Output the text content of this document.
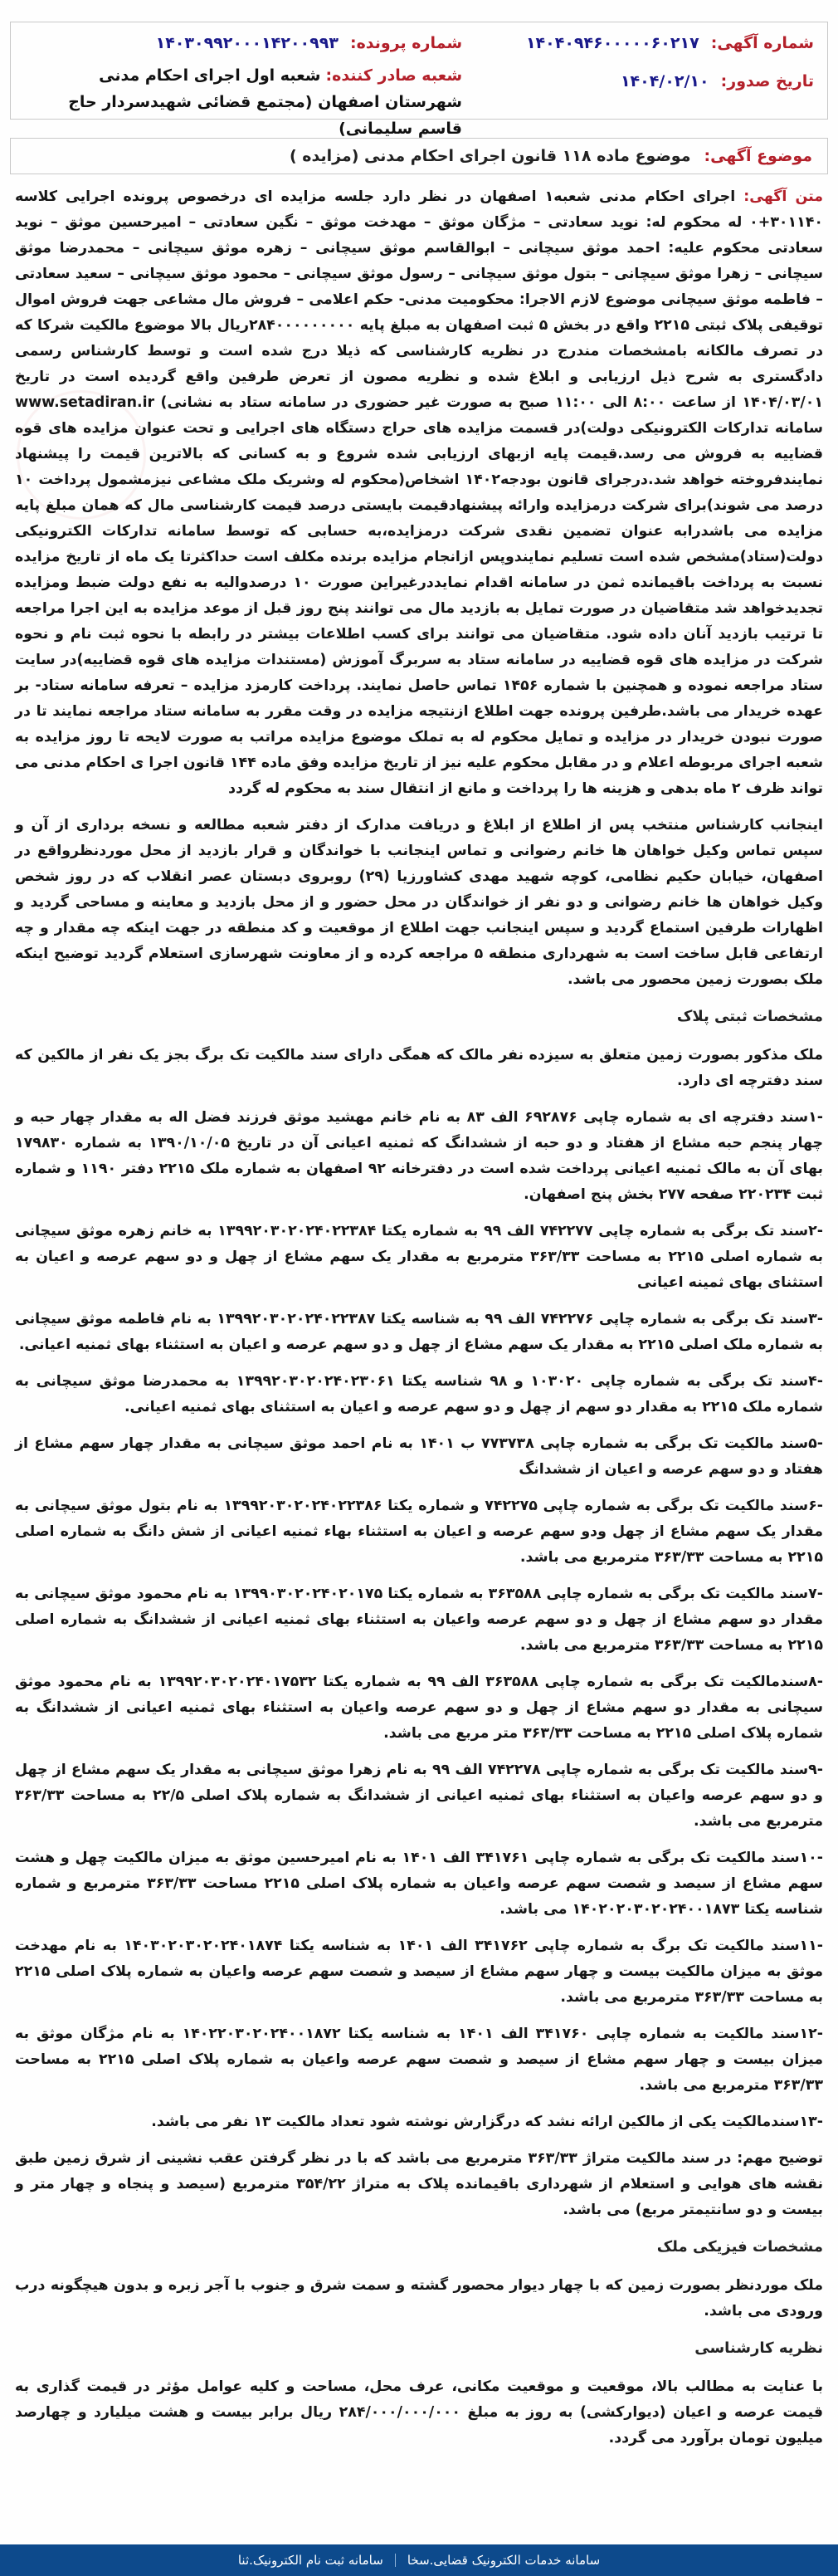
شماره آگهی: ۱۴۰۴۰۹۴۶۰۰۰۰۰۶۰۲۱۷
شماره پرونده: ۱۴۰۳۰۹۹۲۰۰۰۱۴۲۰۰۹۹۳
تاریخ صدور: ۱۴۰۴/۰۲/۱۰
شعبه صادر کننده: شعبه اول اجرای احکام مدنی شهرستان اصفهان (مجتمع قضائی شهیدسردار حاج قاسم سلیمانی)
موضوع آگهی: موضوع ماده ۱۱۸ قانون اجرای احکام مدنی (مزایده )

متن آگهی: اجرای احکام مدنی شعبه۱ اصفهان در نظر دارد جلسه مزایده ای درخصوص پرونده اجرایی کلاسه ۳۰۱۱۴۰+۰ له محکوم له: نوید سعادتی – مژگان موثق – مهدخت موثق – نگین سعادتی – امیرحسین موثق – نوید سعادتی محکوم علیه: احمد موثق سیچانی – ابوالقاسم موثق سیچانی – زهره موثق سیچانی – محمدرضا موثق سیچانی – زهرا موثق سیچانی – بتول موثق سیچانی – رسول موثق سیچانی – محمود موثق سیچانی – سعید سعادتی – فاطمه موثق سیچانی موضوع لازم الاجرا: محکومیت مدنی- حکم اعلامی – فروش مال مشاعی جهت فروش اموال توقیفی پلاک ثبتی ۲۲۱۵ واقع در بخش ۵ ثبت اصفهان به مبلغ پایه ۲۸۴۰۰۰۰۰۰۰۰۰ریال بالا موضوع مالکیت شرکا که در تصرف مالکانه بامشخصات مندرج در نظریه کارشناسی که ذیلا درج شده است و توسط کارشناس رسمی دادگستری به شرح ذیل ارزیابی و ابلاغ شده و نظریه مصون از تعرض طرفین واقع گردیده است در تاریخ ۱۴۰۴/۰۳/۰۱ از ساعت ۸:۰۰ الی ۱۱:۰۰ صبح به صورت غیر حضوری در سامانه ستاد به نشانی) www.setadiran.ir سامانه تدارکات الکترونیکی دولت)در قسمت مزایده های حراج دستگاه های اجرایی و تحت عنوان مزایده های قوه قضاییه به فروش می رسد.قیمت پایه ازبهای ارزیابی شده شروع و به کسانی که بالاترین قیمت را پیشنهاد نمایندفروخته خواهد شد.درجرای قانون بودجه۱۴۰۲ اشخاص(محکوم له وشریک ملک مشاعی نیزمشمول پرداخت ۱۰ درصد می شوند)برای شرکت درمزایده وارائه پیشنهادقیمت بایستی درصد قیمت کارشناسی مال که همان مبلغ پایه مزایده می باشدرابه عنوان تضمین نقدی شرکت درمزایده،به حسابی که توسط سامانه تدارکات الکترونیکی دولت(ستاد)مشخص شده است تسلیم نمایندوپس ازانجام مزایده برنده مکلف است حداکثرتا یک ماه از تاریخ مزایده نسبت به پرداخت باقیمانده ثمن در سامانه اقدام نمایددرغیراین صورت ۱۰ درصدوالیه به نفع دولت ضبط ومزایده تجدیدخواهد شد متقاضیان در صورت تمایل به بازدید مال می توانند پنج روز قبل از موعد مزایده به این اجرا مراجعه تا ترتیب بازدید آنان داده شود. متقاضیان می توانند برای کسب اطلاعات بیشتر در رابطه با نحوه ثبت نام و نحوه شرکت در مزایده های قوه قضاییه در سامانه ستاد به سربرگ آموزش (مستندات مزایده های قوه قضاییه)در سایت ستاد مراجعه نموده و همچنین با شماره ۱۴۵۶ تماس حاصل نمایند. پرداخت کارمزد مزایده – تعرفه سامانه ستاد- بر عهده خریدار می باشد.طرفین پرونده جهت اطلاع ازنتیجه مزایده در وقت مقرر به سامانه ستاد مراجعه نمایند تا در صورت نبودن خریدار در مزایده و تمایل محکوم له به تملک موضوع مزایده مراتب به صورت لایحه تا روز مزایده به شعبه اجرای مربوطه اعلام و در مقابل محکوم علیه نیز از تاریخ مزایده وفق ماده ۱۴۴ قانون اجرا ی احکام مدنی می تواند ظرف ۲ ماه بدهی و هزینه ها را پرداخت و مانع از انتقال سند به محکوم له گردد

اینجانب کارشناس منتخب پس از اطلاع از ابلاغ و دریافت مدارک از دفتر شعبه مطالعه و نسخه برداری از آن و سپس تماس وکیل خواهان ها خانم رضوانی و تماس اینجانب با خواندگان و قرار بازدید از محل موردنظرواقع در اصفهان، خیابان حکیم نظامی، کوچه شهید مهدی کشاورزیا (۲۹) روبروی دبستان عصر انقلاب که در روز شخص وکیل خواهان ها خانم رضوانی و دو نفر از خواندگان در محل حضور و از محل بازدید و معاینه و مساحی گردید و اظهارات طرفین استماع گردید و سپس اینجانب جهت اطلاع از موقعیت و کد منطقه در جهت اینکه چه مقدار و چه ارتفاعی قابل ساخت است به شهرداری منطقه ۵ مراجعه کرده و از معاونت شهرسازی استعلام گردید توضیح اینکه ملک بصورت زمین محصور می باشد.

مشخصات ثبتی پلاک

ملک مذکور بصورت زمین متعلق به سیزده نفر مالک که همگی دارای سند مالکیت تک برگ بجز یک نفر از مالکین که سند دفترچه ای دارد.

-۱سند دفترچه ای به شماره چاپی ۶۹۲۸۷۶ الف ۸۳ به نام خانم مهشید موثق فرزند فضل اله به مقدار چهار حبه و چهار پنجم حبه مشاع از هفتاد و دو حبه از ششدانگ که ثمنیه اعیانی آن در تاریخ ۱۳۹۰/۱۰/۰۵ به شماره ۱۷۹۸۳۰ بهای آن به مالک ثمنیه اعیانی پرداخت شده است در دفترخانه ۹۲ اصفهان به شماره ملک ۲۲۱۵ دفتر ۱۱۹۰ و شماره ثبت ۲۲۰۲۳۴ صفحه ۲۷۷ بخش پنج اصفهان.

-۲سند تک برگی به شماره چاپی ۷۴۲۲۷۷ الف ۹۹ به شماره یکتا ۱۳۹۹۲۰۳۰۲۰۲۴۰۲۲۳۸۴ به خانم زهره موثق سیچانی به شماره اصلی ۲۲۱۵ به مساحت ۳۶۳/۳۳ مترمربع به مقدار یک سهم مشاع از چهل و دو سهم عرصه و اعیان به استثنای بهای ثمینه اعیانی

-۳سند تک برگی به شماره چاپی ۷۴۲۲۷۶ الف ۹۹ به شناسه یکتا ۱۳۹۹۲۰۳۰۲۰۲۴۰۲۲۳۸۷ به نام فاطمه موثق سیچانی به شماره ملک اصلی ۲۲۱۵ به مقدار یک سهم مشاع از چهل و دو سهم عرصه و اعیان به استثناء بهای ثمنیه اعیانی.

-۴سند تک برگی به شماره چاپی ۱۰۳۰۲۰ و ۹۸ شناسه یکتا ۱۳۹۹۲۰۳۰۲۰۲۴۰۲۳۰۶۱ به محمدرضا موثق سیچانی به شماره ملک ۲۲۱۵ به مقدار دو سهم از چهل و دو سهم عرصه و اعیان به استثنای بهای ثمنیه اعیانی.

-۵سند مالکیت تک برگی به شماره چاپی ۷۷۳۷۳۸ ب ۱۴۰۱ به نام احمد موثق سیچانی به مقدار چهار سهم مشاع از هفتاد و دو سهم عرصه و اعیان از ششدانگ

-۶سند مالکیت تک برگی به شماره چاپی ۷۴۲۲۷۵ و شماره یکتا ۱۳۹۹۲۰۳۰۲۰۲۴۰۲۲۳۸۶ به نام بتول موثق سیچانی به مقدار یک سهم مشاع از چهل ودو سهم عرصه و اعیان به استثناء بهاء ثمنیه اعیانی از شش دانگ به شماره اصلی ۲۲۱۵ به مساحت ۳۶۳/۳۳ مترمربع می باشد.

-۷سند مالکیت تک برگی به شماره چاپی ۳۶۳۵۸۸ به شماره یکتا ۱۳۹۹۰۳۰۲۰۲۴۰۲۰۱۷۵ به نام محمود موثق سیچانی به مقدار دو سهم مشاع از چهل و دو سهم عرصه واعیان به استثناء بهای ثمنیه اعیانی از ششدانگ به شماره اصلی ۲۲۱۵ به مساحت ۳۶۳/۳۳ مترمربع می باشد.

-۸سندمالکیت تک برگی به شماره چاپی ۳۶۳۵۸۸ الف ۹۹ به شماره یکتا ۱۳۹۹۲۰۳۰۲۰۲۴۰۱۷۵۳۲ به نام محمود موثق سیچانی به مقدار دو سهم مشاع از چهل و دو سهم عرصه واعیان به استثناء بهای ثمنیه اعیانی از ششدانگ به شماره پلاک اصلی ۲۲۱۵ به مساحت ۳۶۳/۳۳ متر مربع می باشد.

-۹سند مالکیت تک برگی به شماره چاپی ۷۴۲۲۷۸ الف ۹۹ به نام زهرا موثق سیچانی به مقدار یک سهم مشاع از چهل و دو سهم عرصه واعیان به استثناء بهای ثمنیه اعیانی از ششدانگ به شماره پلاک اصلی ۲۲/۵ به مساحت ۳۶۳/۳۳ مترمربع می باشد.

-۱۰سند مالکیت تک برگی به شماره چاپی ۳۴۱۷۶۱ الف ۱۴۰۱ به نام امیرحسین موثق به میزان مالکیت چهل و هشت سهم مشاع از سیصد و شصت سهم عرصه واعیان به شماره پلاک اصلی ۲۲۱۵ مساحت ۳۶۳/۳۳ مترمربع و شماره شناسه یکتا ۱۴۰۲۰۲۰۳۰۲۰۲۴۰۰۱۸۷۳ می باشد.

-۱۱سند مالکیت تک برگ به شماره چاپی ۳۴۱۷۶۲ الف ۱۴۰۱ به شناسه یکتا ۱۴۰۳۰۲۰۳۰۲۰۲۴۰۱۸۷۴ به نام مهدخت موثق به میزان مالکیت بیست و چهار سهم مشاع از سیصد و شصت سهم عرصه واعیان به شماره پلاک اصلی ۲۲۱۵ به مساحت ۳۶۳/۳۳ مترمربع می باشد.

-۱۲سند مالکیت به شماره چاپی ۳۴۱۷۶۰ الف ۱۴۰۱ به شناسه یکتا ۱۴۰۲۲۰۳۰۲۰۲۴۰۰۱۸۷۲ به نام مژگان موثق به میزان بیست و چهار سهم مشاع از سیصد و شصت سهم عرصه واعیان به شماره پلاک اصلی ۲۲۱۵ به مساحت ۳۶۳/۳۳ مترمربع می باشد.

-۱۳سندمالکیت یکی از مالکین ارائه نشد که درگزارش نوشته شود تعداد مالکیت ۱۳ نفر می باشد.

توضیح مهم: در سند مالکیت متراژ ۳۶۳/۳۳ مترمربع می باشد که با در نظر گرفتن عقب نشینی از شرق زمین طبق نقشه های هوایی و استعلام از شهرداری باقیمانده پلاک به متراژ ۳۵۴/۲۲ مترمربع (سیصد و پنجاه و چهار متر و بیست و دو سانتیمتر مربع) می باشد.

مشخصات فیزیکی ملک

ملک موردنظر بصورت زمین که با چهار دیوار محصور گشته و سمت شرق و جنوب با آجر زبره و بدون هیچگونه درب ورودی می باشد.

نظریه کارشناسی

با عنایت به مطالب بالا، موقعیت و موقعیت مکانی، عرف محل، مساحت و کلیه عوامل مؤثر در قیمت گذاری به قیمت عرصه و اعیان (دیوارکشی) به روز به مبلغ ۲۸۴/۰۰۰/۰۰۰/۰۰۰ ریال برابر بیست و هشت میلیارد و چهارصد میلیون تومان برآورد می گردد.

سامانه خدمات الکترونیک قضایی.سخا
سامانه ثبت نام الکترونیک.ثنا
